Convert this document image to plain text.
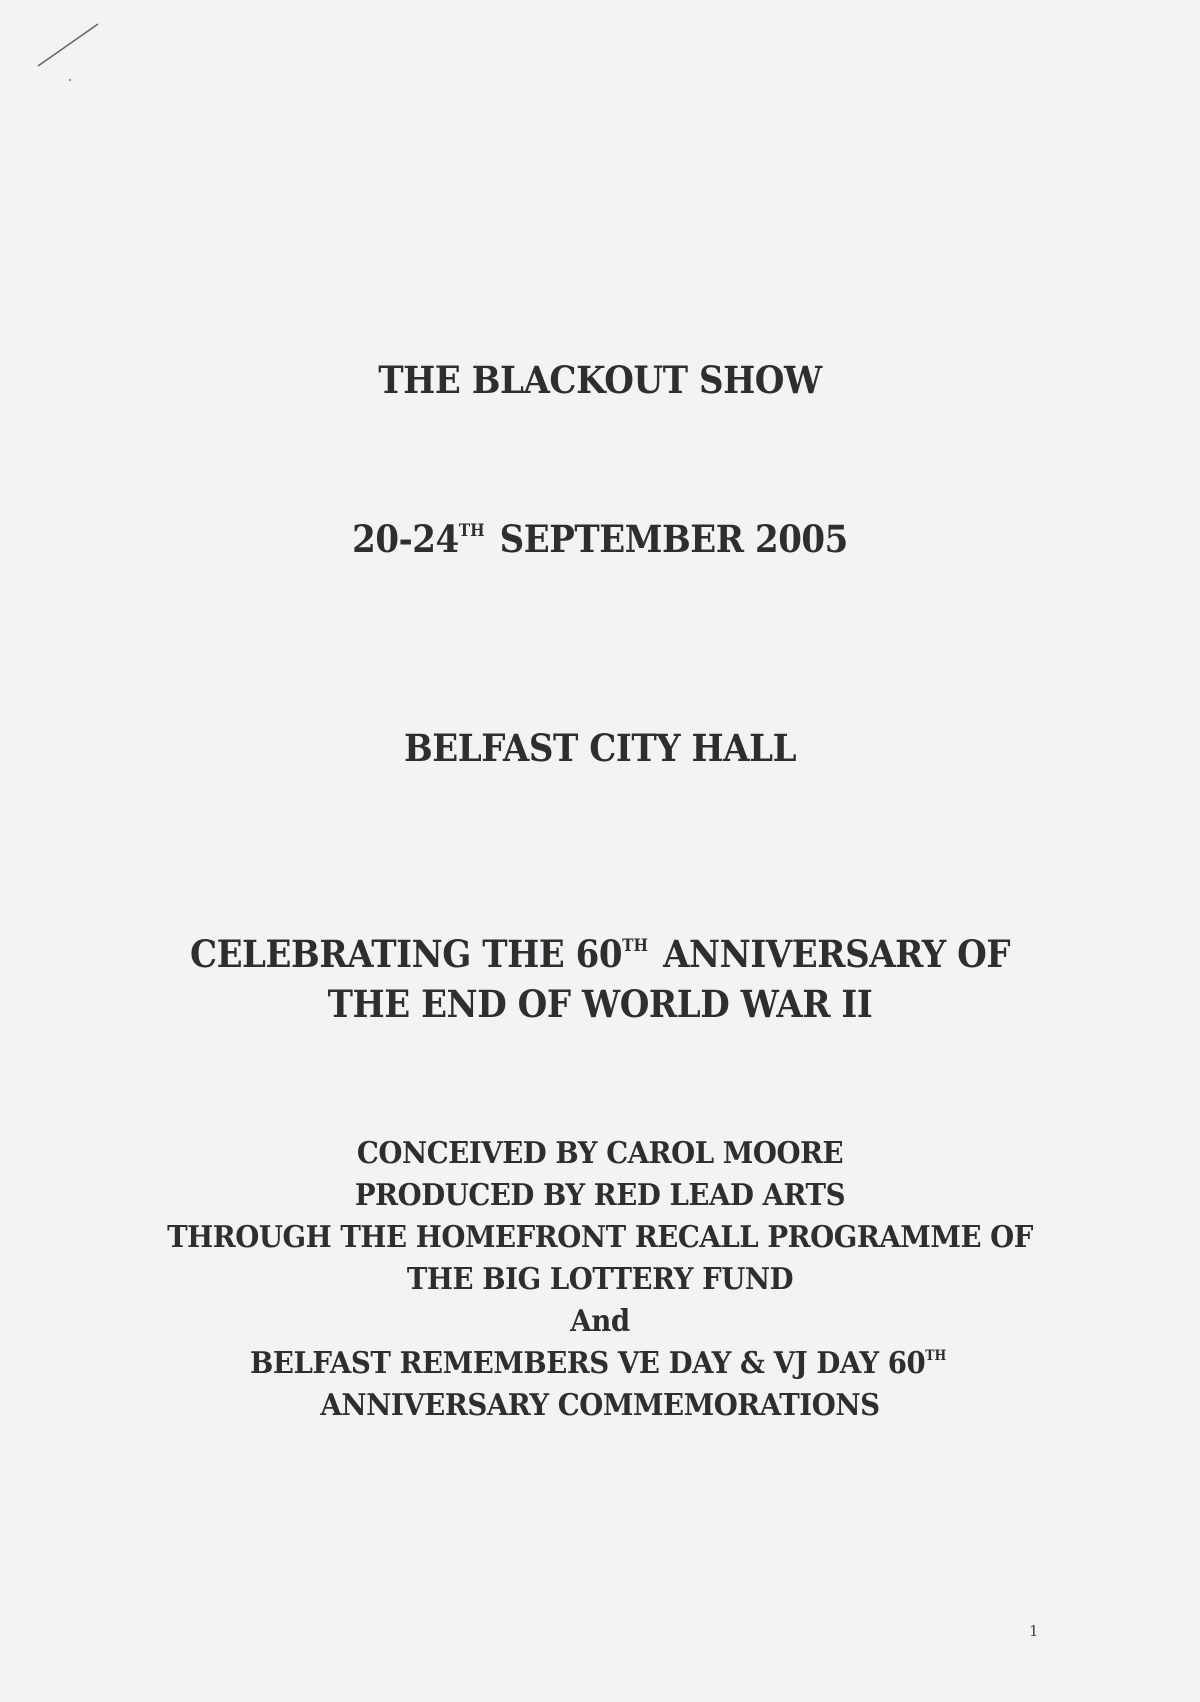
THE BLACKOUT SHOW
20-24TH SEPTEMBER 2005
BELFAST CITY HALL
CELEBRATING THE 60TH ANNIVERSARY OF
THE END OF WORLD WAR II
CONCEIVED BY CAROL MOORE
PRODUCED BY RED LEAD ARTS
THROUGH THE HOMEFRONT RECALL PROGRAMME OF
THE BIG LOTTERY FUND
And
BELFAST REMEMBERS VE DAY & VJ DAY 60TH
ANNIVERSARY COMMEMORATIONS
1
